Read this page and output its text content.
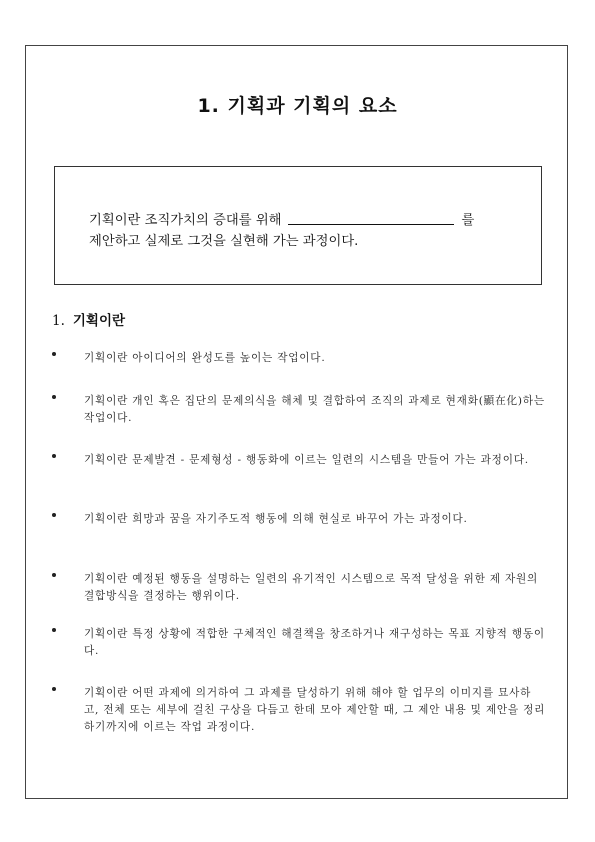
1. 기획과 기획의 요소
기획이란 조직가치의 증대를 위해	를
제안하고 실제로 그것을 실현해 가는 과정이다.
1. 기획이란
기획이란 아이디어의 완성도를 높이는 작업이다.
기획이란 개인 혹은 집단의 문제의식을 해체 및 결합하여 조직의 과제로 현재화(顯在化)하는 작업이다.
기획이란 문제발견 - 문제형성 - 행동화에 이르는 일련의 시스템을 만들어 가는 과정이다.
기획이란 희망과 꿈을 자기주도적 행동에 의해 현실로 바꾸어 가는 과정이다.
기획이란 예정된 행동을 설명하는 일련의 유기적인 시스템으로 목적 달성을 위한 제 자원의 결합방식을 결정하는 행위이다.
기획이란 특정 상황에 적합한 구체적인 해결책을 창조하거나 재구성하는 목표 지향적 행동이다.
기획이란 어떤 과제에 의거하여 그 과제를 달성하기 위해 해야 할 업무의 이미지를 묘사하고, 전체 또는 세부에 걸친 구상을 다듬고 한데 모아 제안할 때, 그 제안 내용 및 제안을 정리하기까지에 이르는 작업 과정이다.
